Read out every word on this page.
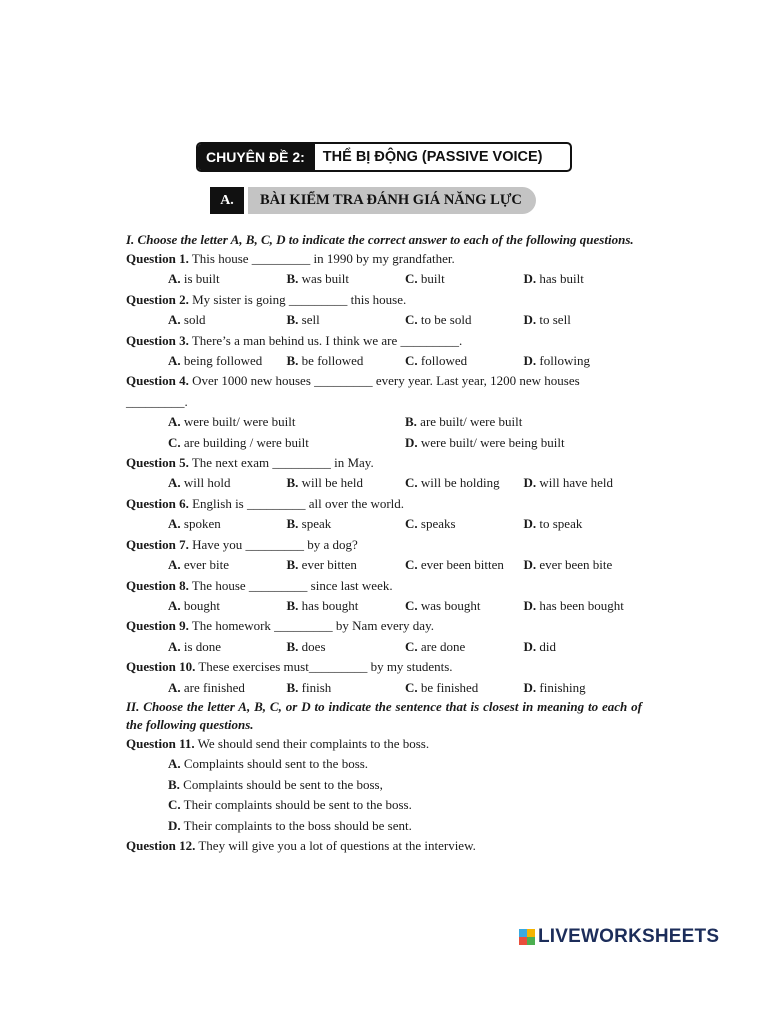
CHUYÊN ĐỀ 2:	THỂ BỊ ĐỘNG (PASSIVE VOICE)
A.	BÀI KIỂM TRA ĐÁNH GIÁ NĂNG LỰC
I. Choose the letter A, B, C, D to indicate the correct answer to each of the following questions.
Question 1. This house _________ in 1990 by my grandfather.
A. is built	B. was built	C. built	D. has built
Question 2. My sister is going _________ this house.
A. sold	B. sell	C. to be sold	D. to sell
Question 3. There’s a man behind us. I think we are _________.
A. being followed	B. be followed	C. followed	D. following
Question 4. Over 1000 new houses _________ every year. Last year, 1200 new houses _________.
A. were built/ were built	B. are built/ were built
C. are building / were built	D. were built/ were being built
Question 5. The next exam _________ in May.
A. will hold	B. will be held	C. will be holding	D. will have held
Question 6. English is _________ all over the world.
A. spoken	B. speak	C. speaks	D. to speak
Question 7. Have you _________ by a dog?
A. ever bite	B. ever bitten	C. ever been bitten	D. ever been bite
Question 8. The house _________ since last week.
A. bought	B. has bought	C. was bought	D. has been bought
Question 9. The homework _________ by Nam every day.
A. is done	B. does	C. are done	D. did
Question 10. These exercises must_________ by my students.
A. are finished	B. finish	C. be finished	D. finishing
II. Choose the letter A, B, C, or D to indicate the sentence that is closest in meaning to each of the following questions.
Question 11. We should send their complaints to the boss.
A. Complaints should sent to the boss.
B. Complaints should be sent to the boss,
C. Their complaints should be sent to the boss.
D. Their complaints to the boss should be sent.
Question 12. They will give you a lot of questions at the interview.
LIVEWORKSHEETS
